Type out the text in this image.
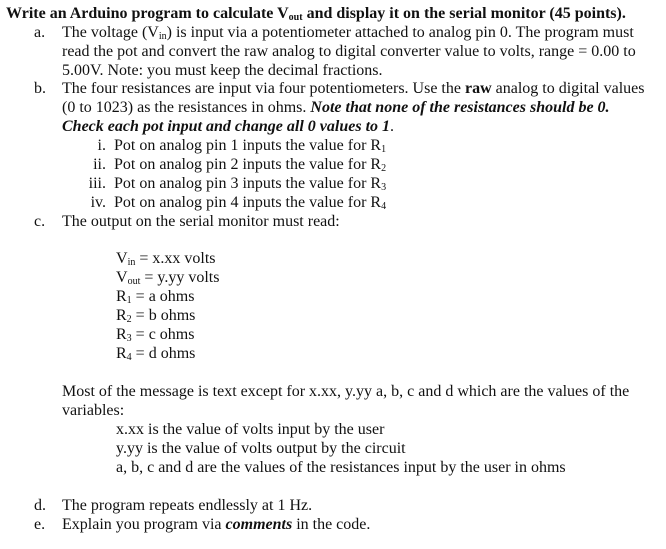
Write an Arduino program to calculate $V_{out}$ and display it on the serial monitor (45 points).
a.	The voltage $(V_{in})$ is input via a potentiometer attached to analog pin 0. The program must read the pot and convert the raw analog to digital converter value to volts, range = 0.00 to 5.00V. Note: you must keep the decimal fractions.
b.	The four resistances are input via four potentiometers. Use the raw analog to digital values (0 to 1023) as the resistances in ohms. Note that none of the resistances should be 0. Check each pot input and change all 0 values to 1.
i. Pot on analog pin 1 inputs the value for $R_1$
ii. Pot on analog pin 2 inputs the value for $R_2$
iii. Pot on analog pin 3 inputs the value for $R_3$
iv. Pot on analog pin 4 inputs the value for $R_4$
c.	The output on the serial monitor must read:
$V_{in} = x.xx$ volts
$V_{out} = y.yy$ volts
$R_1 = a$ ohms
$R_2 = b$ ohms
$R_3 = c$ ohms
$R_4 = d$ ohms
Most of the message is text except for x.xx, y.yy a, b, c and d which are the values of the variables:
x.xx is the value of volts input by the user
y.yy is the value of volts output by the circuit
a, b, c and d are the values of the resistances input by the user in ohms
d.	The program repeats endlessly at 1 Hz.
e.	Explain you program via comments in the code.
